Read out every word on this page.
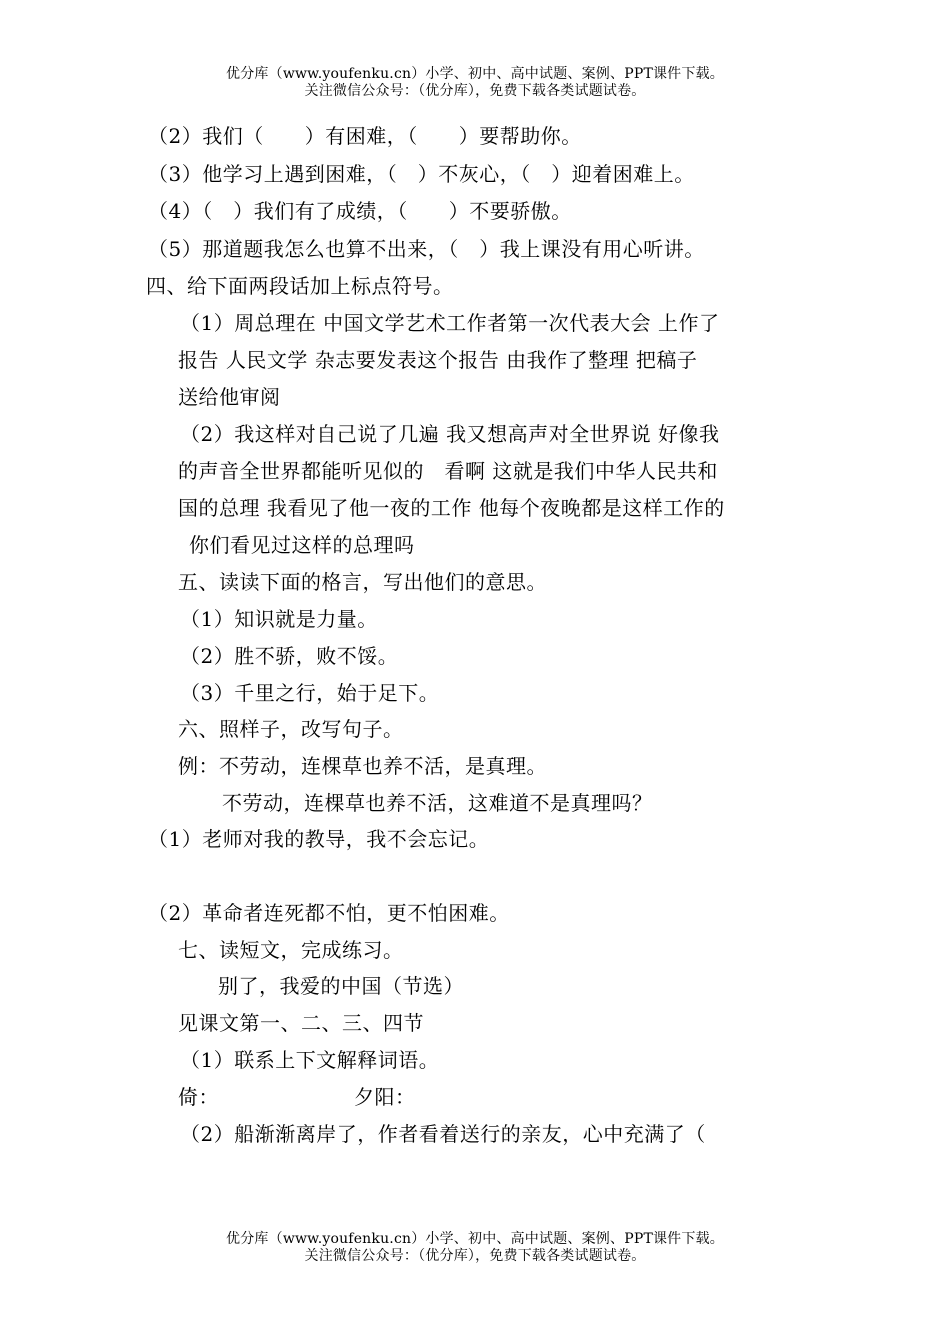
优分库（www.youfenku.cn）小学、初中、高中试题、案例、PPT课件下载。
关注微信公众号：（优分库），免费下载各类试题试卷。
（2）我们（　　）有困难，（　　）要帮助你。
（3）他学习上遇到困难，（　）不灰心，（　）迎着困难上。
（4）（　）我们有了成绩，（　　）不要骄傲。
（5）那道题我怎么也算不出来，（　）我上课没有用心听讲。
四、给下面两段话加上标点符号。
（1）周总理在 中国文学艺术工作者第一次代表大会 上作了
报告 人民文学 杂志要发表这个报告 由我作了整理 把稿子
送给他审阅
（2）我这样对自己说了几遍 我又想高声对全世界说 好像我
的声音全世界都能听见似的　看啊 这就是我们中华人民共和
国的总理 我看见了他一夜的工作 他每个夜晚都是这样工作的
你们看见过这样的总理吗
五、读读下面的格言，写出他们的意思。
（1）知识就是力量。
（2）胜不骄，败不馁。
（3）千里之行，始于足下。
六、照样子，改写句子。
例：不劳动，连棵草也养不活，是真理。
不劳动，连棵草也养不活，这难道不是真理吗？
（1）老师对我的教导，我不会忘记。
（2）革命者连死都不怕，更不怕困难。
七、读短文，完成练习。
别了，我爱的中国（节选）
见课文第一、二、三、四节
（1）联系上下文解释词语。
倚：	夕阳：
（2）船渐渐离岸了，作者看着送行的亲友，心中充满了（
优分库（www.youfenku.cn）小学、初中、高中试题、案例、PPT课件下载。
关注微信公众号：（优分库），免费下载各类试题试卷。
